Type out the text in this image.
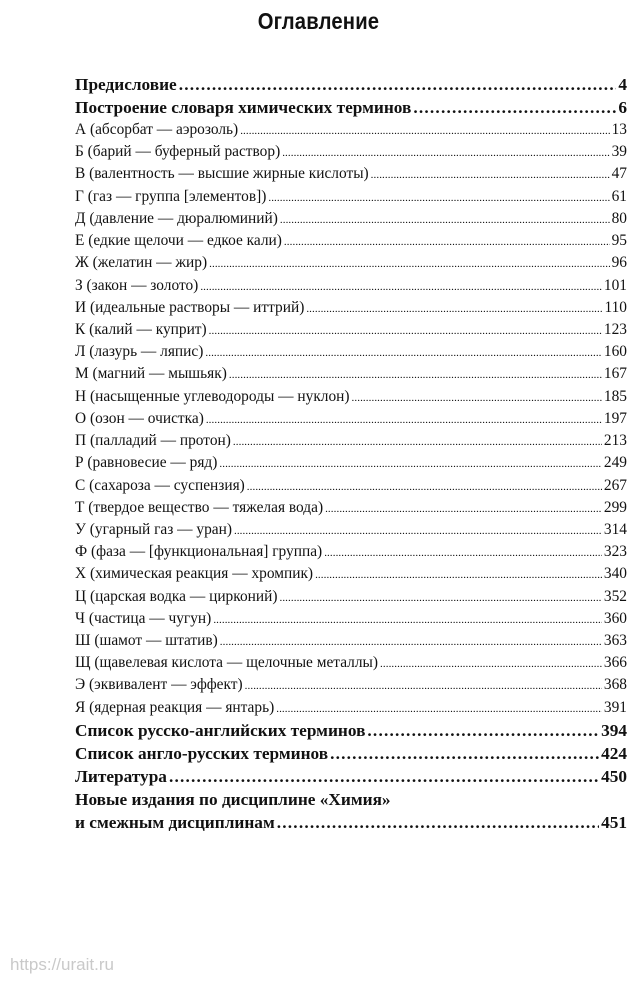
Оглавление
Предисловие .....	4
Построение словаря химических терминов .....	6
А (абсорбат — аэрозоль) .....	13
Б (барий — буферный раствор) .....	39
В (валентность — высшие жирные кислоты) .....	47
Г (газ — группа [элементов]) .....	61
Д (давление — дюралюминий) .....	80
Е (едкие щелочи — едкое кали) .....	95
Ж (желатин — жир) .....	96
З (закон — золото) .....	101
И (идеальные растворы — иттрий) .....	110
К (калий — куприт) .....	123
Л (лазурь — ляпис) .....	160
М (магний — мышьяк) .....	167
Н (насыщенные углеводороды — нуклон) .....	185
О (озон — очистка) .....	197
П (палладий — протон) .....	213
Р (равновесие — ряд) .....	249
С (сахароза — суспензия) .....	267
Т (твердое вещество — тяжелая вода) .....	299
У (угарный газ — уран) .....	314
Ф (фаза — [функциональная] группа) .....	323
Х (химическая реакция — хромпик) .....	340
Ц (царская водка — цирконий) .....	352
Ч (частица — чугун) .....	360
Ш (шамот — штатив) .....	363
Щ (щавелевая кислота — щелочные металлы) .....	366
Э (эквивалент — эффект) .....	368
Я (ядерная реакция — янтарь) .....	391
Список русско-английских терминов .....	394
Список англо-русских терминов .....	424
Литература .....	450
Новые издания по дисциплине «Химия»
и смежным дисциплинам .....	451
https://urait.ru
